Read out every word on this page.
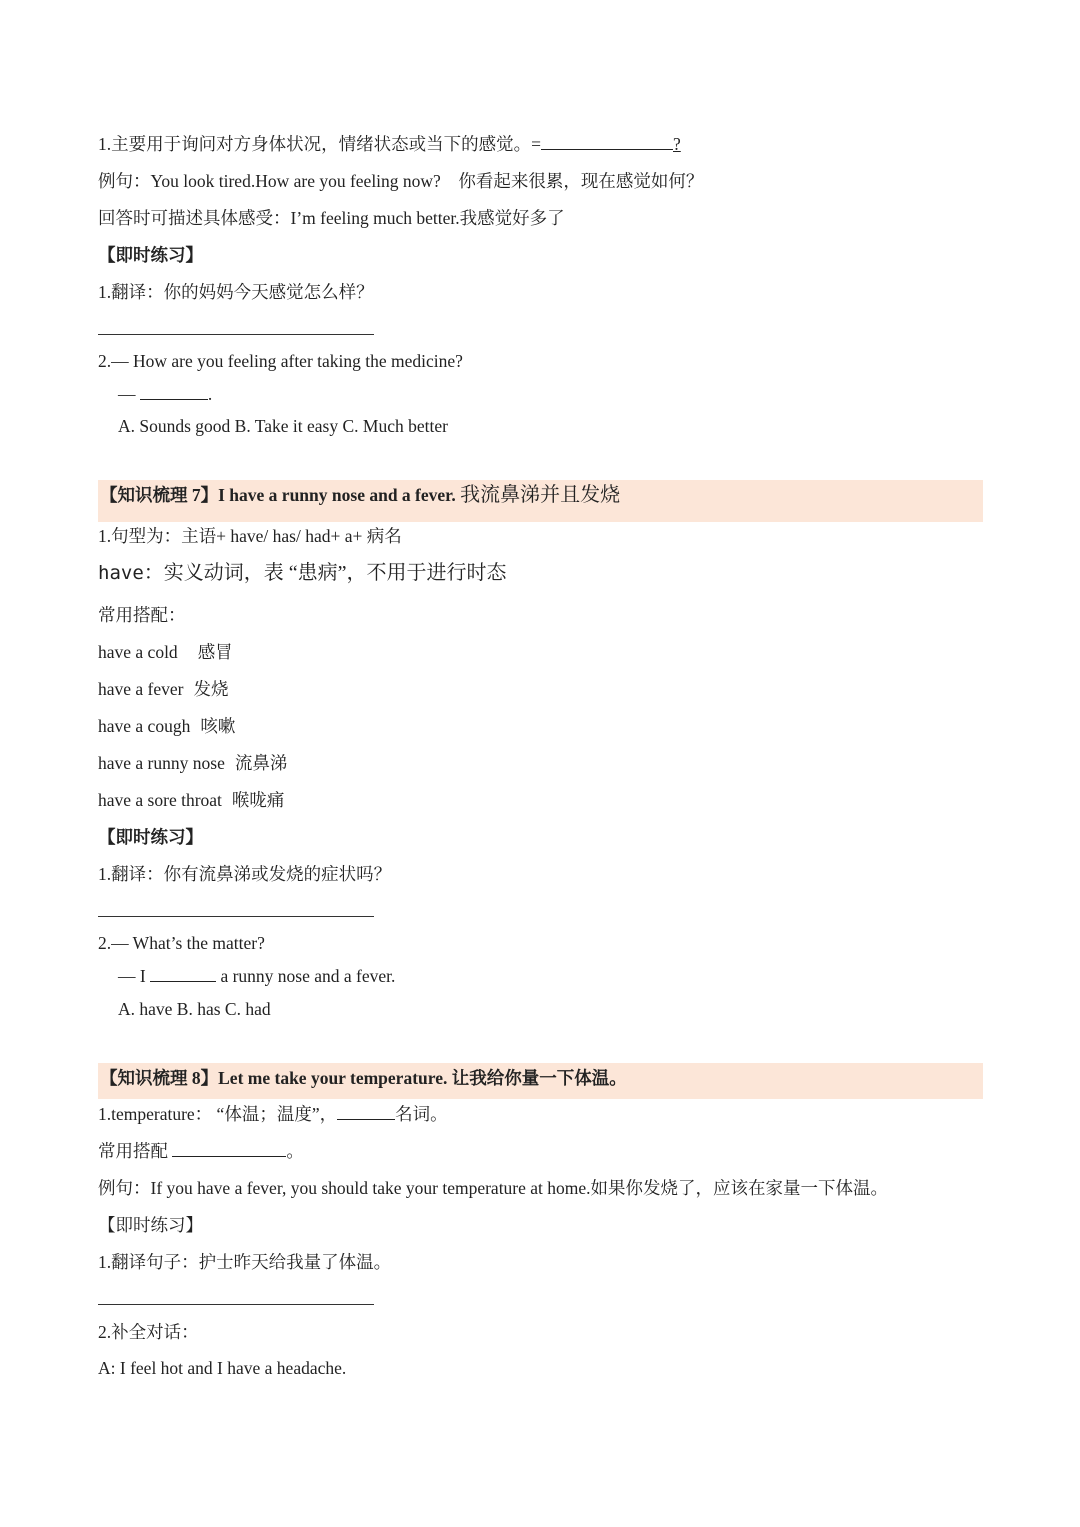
1.主要用于询问对方身体状况，情绪状态或当下的感觉。=	?
例句：You look tired.How are you feeling now?　你看起来很累，现在感觉如何？
回答时可描述具体感受：I’m feeling much better.我感觉好多了
【即时练习】
1.翻译：你的妈妈今天感觉怎么样？
2.— How are you feeling after taking the medicine?
—	.
A. Sounds good B. Take it easy C. Much better
【知识梳理 7】I have a runny nose and a fever. 我流鼻涕并且发烧
1.句型为：主语+ have/ has/ had+ a+ 病名
have：实义动词，表 “患病”，不用于进行时态
常用搭配：
have a cold 感冒
have a fever 发烧
have a cough 咳嗽
have a runny nose 流鼻涕
have a sore throat 喉咙痛
【即时练习】
1.翻译：你有流鼻涕或发烧的症状吗？
2.— What’s the matter?
— I	a runny nose and a fever.
A. have B. has C. had
【知识梳理 8】Let me take your temperature. 让我给你量一下体温。
1.temperature： “体温；温度”，	名词。
常用搭配	。
例句：If you have a fever, you should take your temperature at home.如果你发烧了，应该在家量一下体温。
【即时练习】
1.翻译句子：护士昨天给我量了体温。
2.补全对话：
A: I feel hot and I have a headache.
